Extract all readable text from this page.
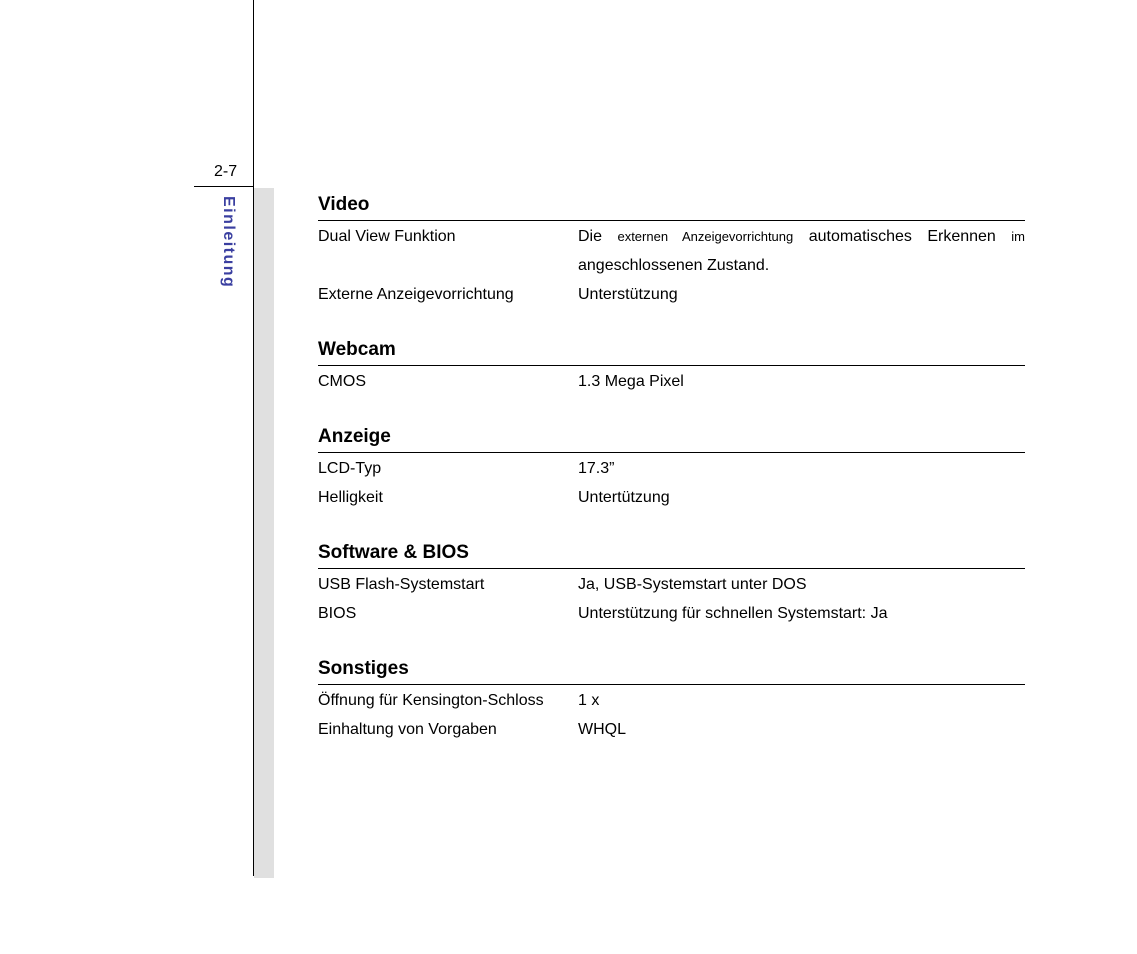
2-7
Einleitung	Video
Dual View Funktion	Die externen Anzeigevorrichtung automatisches Erkennen im angeschlossenen Zustand.
Externe Anzeigevorrichtung	Unterstützung
Webcam
CMOS	1.3 Mega Pixel
Anzeige
LCD-Typ	17.3”
Helligkeit	Untertützung
Software & BIOS
USB Flash-Systemstart	Ja, USB-Systemstart unter DOS
BIOS	Unterstützung für schnellen Systemstart: Ja
Sonstiges
Öffnung für Kensington-Schloss	1 x
Einhaltung von Vorgaben	WHQL
